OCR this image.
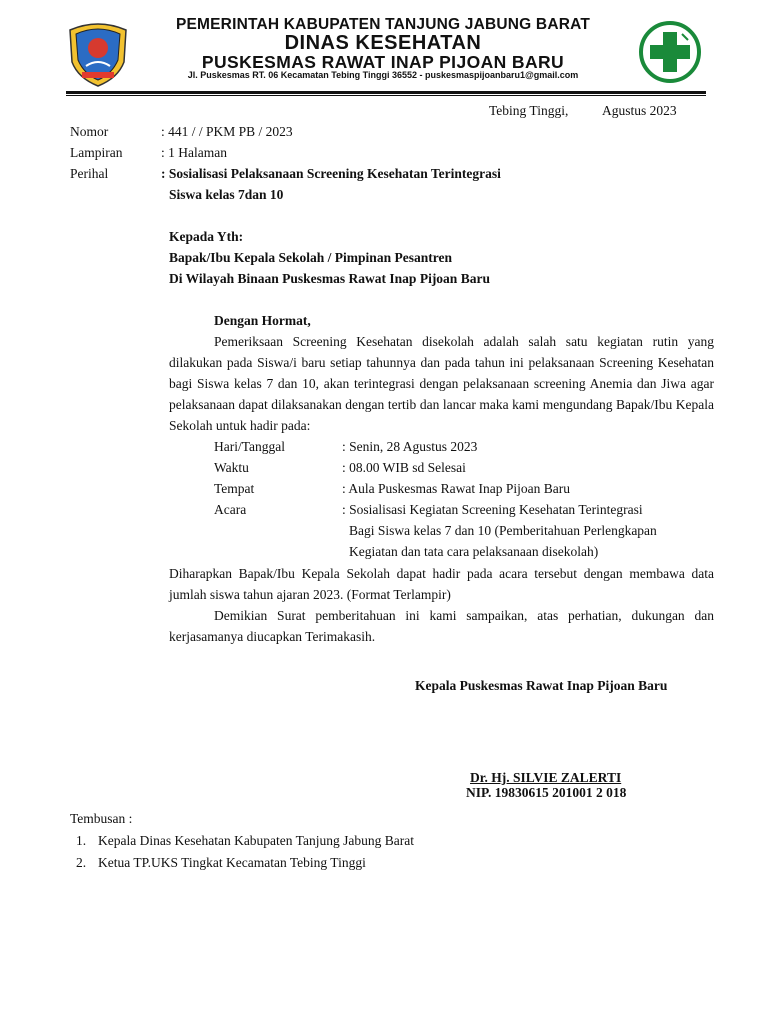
PEMERINTAH KABUPATEN TANJUNG JABUNG BARAT
DINAS KESEHATAN
PUSKESMAS RAWAT INAP PIJOAN BARU
Jl. Puskesmas RT. 06 Kecamatan Tebing Tinggi 36552 - puskesmaspijoanbaru1@gmail.com
Tebing Tinggi, Agustus 2023
Nomor	: 441 / / PKM PB / 2023
Lampiran	: 1 Halaman
Perihal	: Sosialisasi Pelaksanaan Screening Kesehatan Terintegrasi
Siswa kelas 7dan 10
Kepada Yth:
Bapak/Ibu Kepala Sekolah / Pimpinan Pesantren
Di Wilayah Binaan Puskesmas Rawat Inap Pijoan Baru
Dengan Hormat,
Pemeriksaan Screening Kesehatan disekolah adalah salah satu kegiatan rutin yang dilakukan pada Siswa/i baru setiap tahunnya dan pada tahun ini pelaksanaan Screening Kesehatan bagi Siswa kelas 7 dan 10, akan terintegrasi dengan pelaksanaan screening Anemia dan Jiwa agar pelaksanaan dapat dilaksanakan dengan tertib dan lancar maka kami mengundang Bapak/Ibu Kepala Sekolah untuk hadir pada:
Hari/Tanggal	: Senin, 28 Agustus 2023
Waktu	: 08.00 WIB sd Selesai
Tempat	: Aula Puskesmas Rawat Inap Pijoan Baru
Acara	: Sosialisasi Kegiatan Screening Kesehatan Terintegrasi
Bagi Siswa kelas 7 dan 10 (Pemberitahuan Perlengkapan
Kegiatan dan tata cara pelaksanaan disekolah)
Diharapkan Bapak/Ibu Kepala Sekolah dapat hadir pada acara tersebut dengan membawa data jumlah siswa tahun ajaran 2023. (Format Terlampir)
Demikian Surat pemberitahuan ini kami sampaikan, atas perhatian, dukungan dan kerjasamanya diucapkan Terimakasih.
Kepala Puskesmas Rawat Inap Pijoan Baru
Dr. Hj. SILVIE ZALERTI
NIP. 19830615 201001 2 018
Tembusan :
1. Kepala Dinas Kesehatan Kabupaten Tanjung Jabung Barat
2. Ketua TP.UKS Tingkat Kecamatan Tebing Tinggi
